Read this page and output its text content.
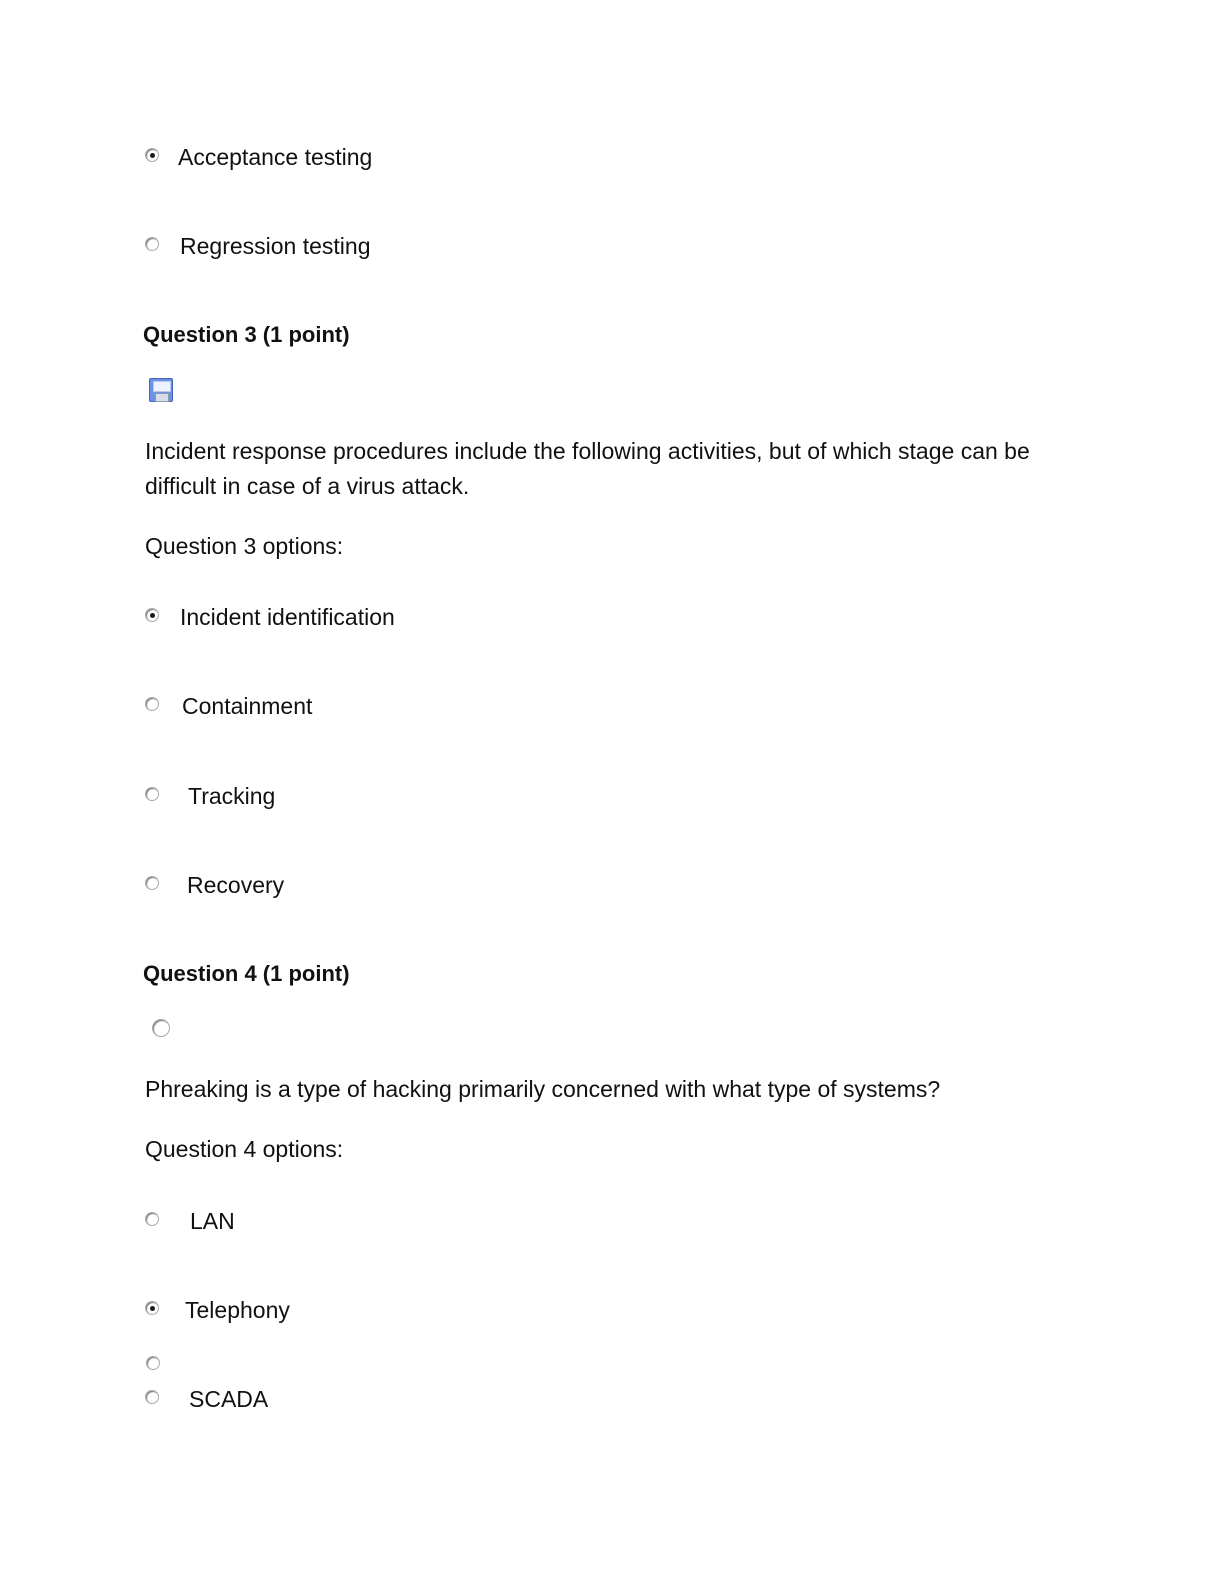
Acceptance testing
Regression testing
Question 3 (1 point)
Incident response procedures include the following activities, but of which stage can be difficult in case of a virus attack.
Question 3 options:
Incident identification
Containment
Tracking
Recovery
Question 4 (1 point)
Phreaking is a type of hacking primarily concerned with what type of systems?
Question 4 options:
LAN
Telephony
SCADA
